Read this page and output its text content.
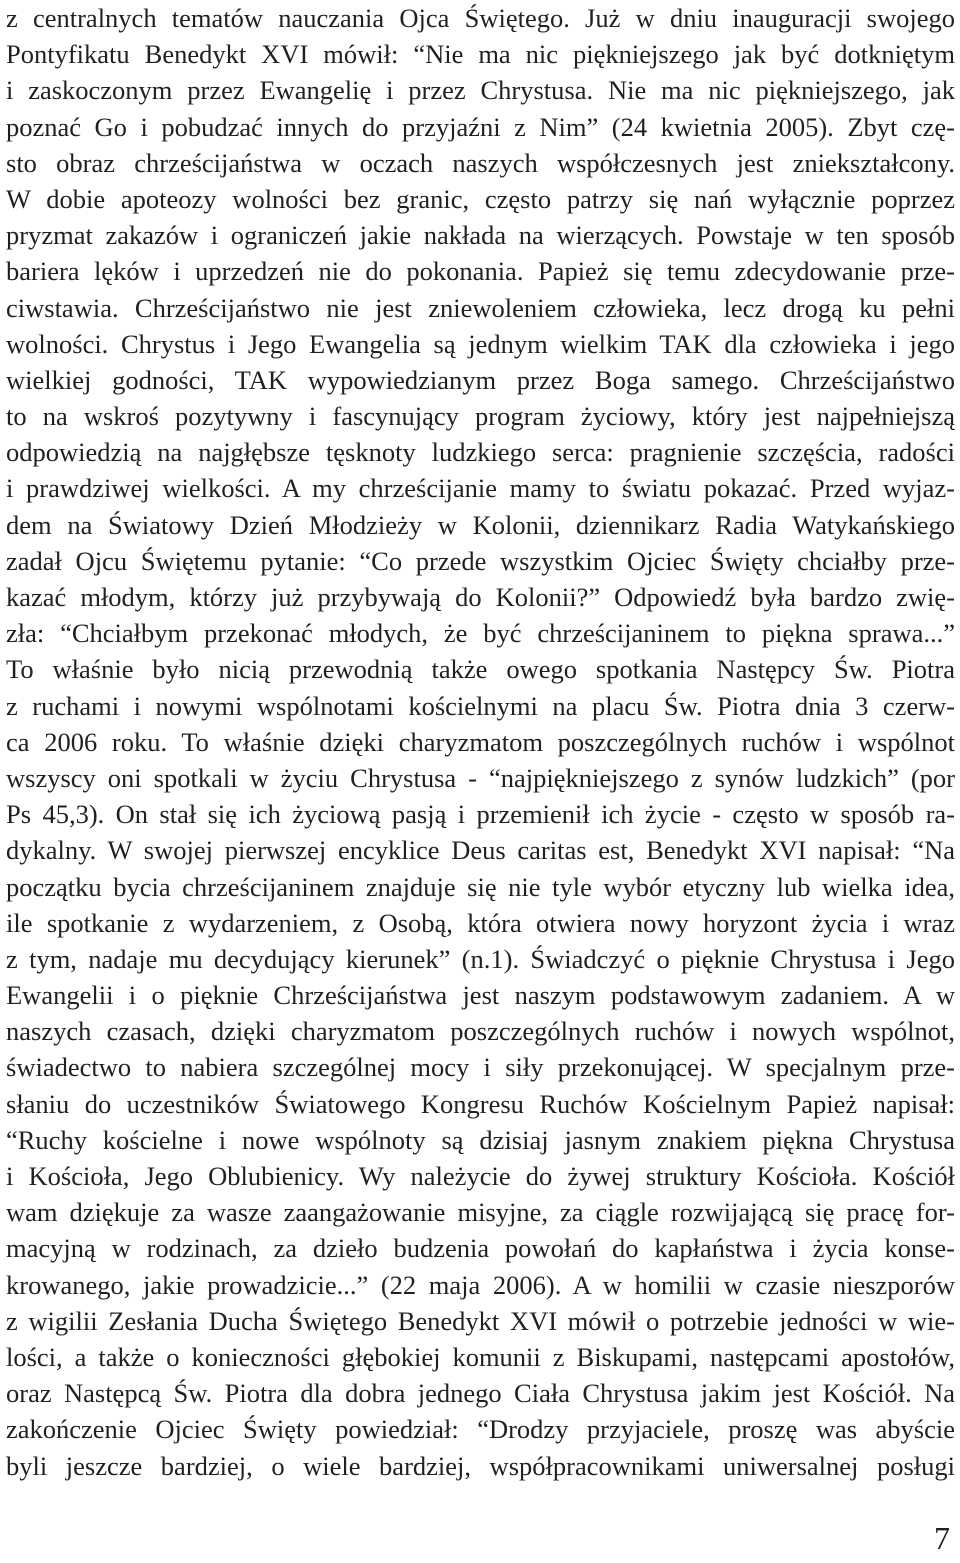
z centralnych tematów nauczania Ojca Świętego. Już w dniu inauguracji swojego
Pontyfikatu Benedykt XVI mówił: “Nie ma nic piękniejszego jak być dotkniętym
i zaskoczonym przez Ewangelię i przez Chrystusa. Nie ma nic piękniejszego, jak
poznać Go i pobudzać innych do przyjaźni z Nim” (24 kwietnia 2005). Zbyt czę-
sto obraz chrześcijaństwa w oczach naszych współczesnych jest zniekształcony.
W dobie apoteozy wolności bez granic, często patrzy się nań wyłącznie poprzez
pryzmat zakazów i ograniczeń jakie nakłada na wierzących. Powstaje w ten sposób
bariera lęków i uprzedzeń nie do pokonania. Papież się temu zdecydowanie prze-
ciwstawia. Chrześcijaństwo nie jest zniewoleniem człowieka, lecz drogą ku pełni
wolności. Chrystus i Jego Ewangelia są jednym wielkim TAK dla człowieka i jego
wielkiej godności, TAK wypowiedzianym przez Boga samego. Chrześcijaństwo
to na wskroś pozytywny i fascynujący program życiowy, który jest najpełniejszą
odpowiedzią na najgłębsze tęsknoty ludzkiego serca: pragnienie szczęścia, radości
i prawdziwej wielkości. A my chrześcijanie mamy to światu pokazać. Przed wyjaz-
dem na Światowy Dzień Młodzieży w Kolonii, dziennikarz Radia Watykańskiego
zadał Ojcu Świętemu pytanie: “Co przede wszystkim Ojciec Święty chciałby prze-
kazać młodym, którzy już przybywają do Kolonii?” Odpowiedź była bardzo zwię-
zła: “Chciałbym przekonać młodych, że być chrześcijaninem to piękna sprawa...”
To właśnie było nicią przewodnią także owego spotkania Następcy Św. Piotra
z ruchami i nowymi wspólnotami kościelnymi na placu Św. Piotra dnia 3 czerw-
ca 2006 roku. To właśnie dzięki charyzmatom poszczególnych ruchów i wspólnot
wszyscy oni spotkali w życiu Chrystusa - “najpiękniejszego z synów ludzkich” (por
Ps 45,3). On stał się ich życiową pasją i przemienił ich życie - często w sposób ra-
dykalny. W swojej pierwszej encyklice Deus caritas est, Benedykt XVI napisał: “Na
początku bycia chrześcijaninem znajduje się nie tyle wybór etyczny lub wielka idea,
ile spotkanie z wydarzeniem, z Osobą, która otwiera nowy horyzont życia i wraz
z tym, nadaje mu decydujący kierunek” (n.1). Świadczyć o pięknie Chrystusa i Jego
Ewangelii i o pięknie Chrześcijaństwa jest naszym podstawowym zadaniem. A w
naszych czasach, dzięki charyzmatom poszczególnych ruchów i nowych wspólnot,
świadectwo to nabiera szczególnej mocy i siły przekonującej. W specjalnym prze-
słaniu do uczestników Światowego Kongresu Ruchów Kościelnym Papież napisał:
“Ruchy kościelne i nowe wspólnoty są dzisiaj jasnym znakiem piękna Chrystusa
i Kościoła, Jego Oblubienicy. Wy należycie do żywej struktury Kościoła. Kościół
wam dziękuje za wasze zaangażowanie misyjne, za ciągle rozwijającą się pracę for-
macyjną w rodzinach, za dzieło budzenia powołań do kapłaństwa i życia konse-
krowanego, jakie prowadzicie...” (22 maja 2006). A w homilii w czasie nieszporów
z wigilii Zesłania Ducha Świętego Benedykt XVI mówił o potrzebie jedności w wie-
lości, a także o konieczności głębokiej komunii z Biskupami, następcami apostołów,
oraz Następcą Św. Piotra dla dobra jednego Ciała Chrystusa jakim jest Kościół. Na
zakończenie Ojciec Święty powiedział: “Drodzy przyjaciele, proszę was abyście
byli jeszcze bardziej, o wiele bardziej, współpracownikami uniwersalnej posługi
7
